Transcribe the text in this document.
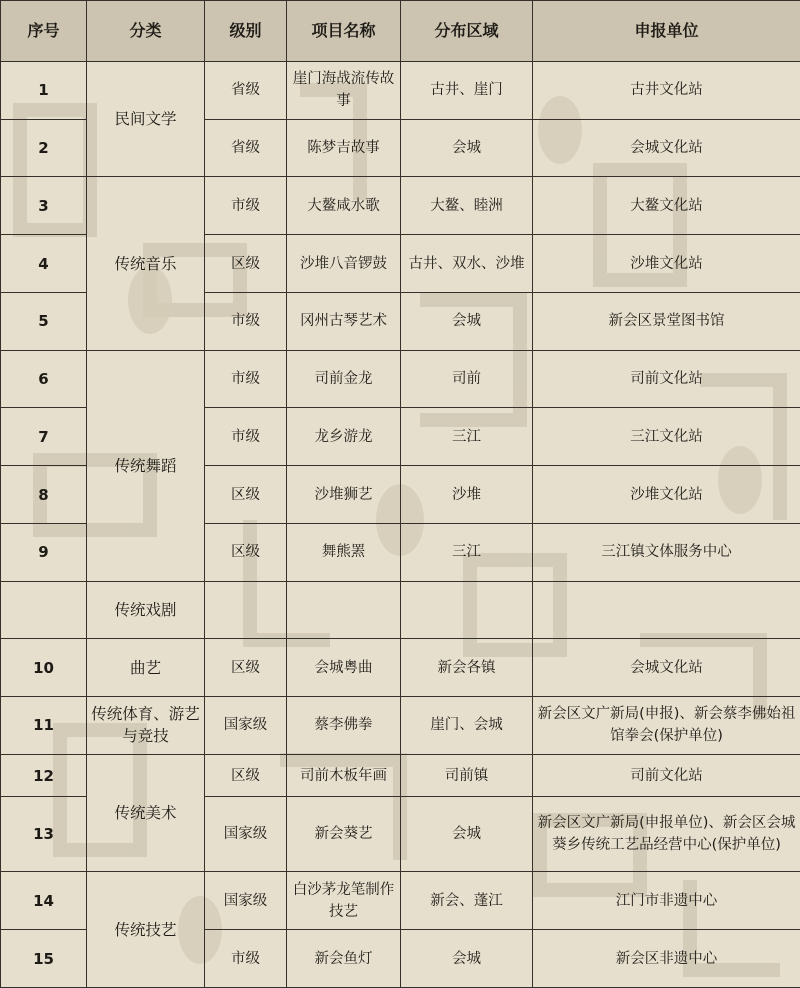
序号	分类	级别	项目名称	分布区域	申报单位
1	民间文学	省级	崖门海战流传故事	古井、崖门	古井文化站
2		省级	陈梦吉故事	会城	会城文化站
3	传统音乐	市级	大鳌咸水歌	大鳌、睦洲	大鳌文化站
4		区级	沙堆八音锣鼓	古井、双水、沙堆	沙堆文化站
5		市级	冈州古琴艺术	会城	新会区景堂图书馆
6	传统舞蹈	市级	司前金龙	司前	司前文化站
7		市级	龙乡游龙	三江	三江文化站
8		区级	沙堆狮艺	沙堆	沙堆文化站
9		区级	舞熊罴	三江	三江镇文体服务中心
	传统戏剧				
10	曲艺	区级	会城粤曲	新会各镇	会城文化站
11	传统体育、游艺与竞技	国家级	蔡李佛拳	崖门、会城	新会区文广新局(申报)、新会蔡李佛始祖馆拳会(保护单位)
12	传统美术	区级	司前木板年画	司前镇	司前文化站
13		国家级	新会葵艺	会城	新会区文广新局(申报单位)、新会区会城葵乡传统工艺品经营中心(保护单位)
14	传统技艺	国家级	白沙茅龙笔制作技艺	新会、蓬江	江门市非遗中心
15		市级	新会鱼灯	会城	新会区非遗中心
